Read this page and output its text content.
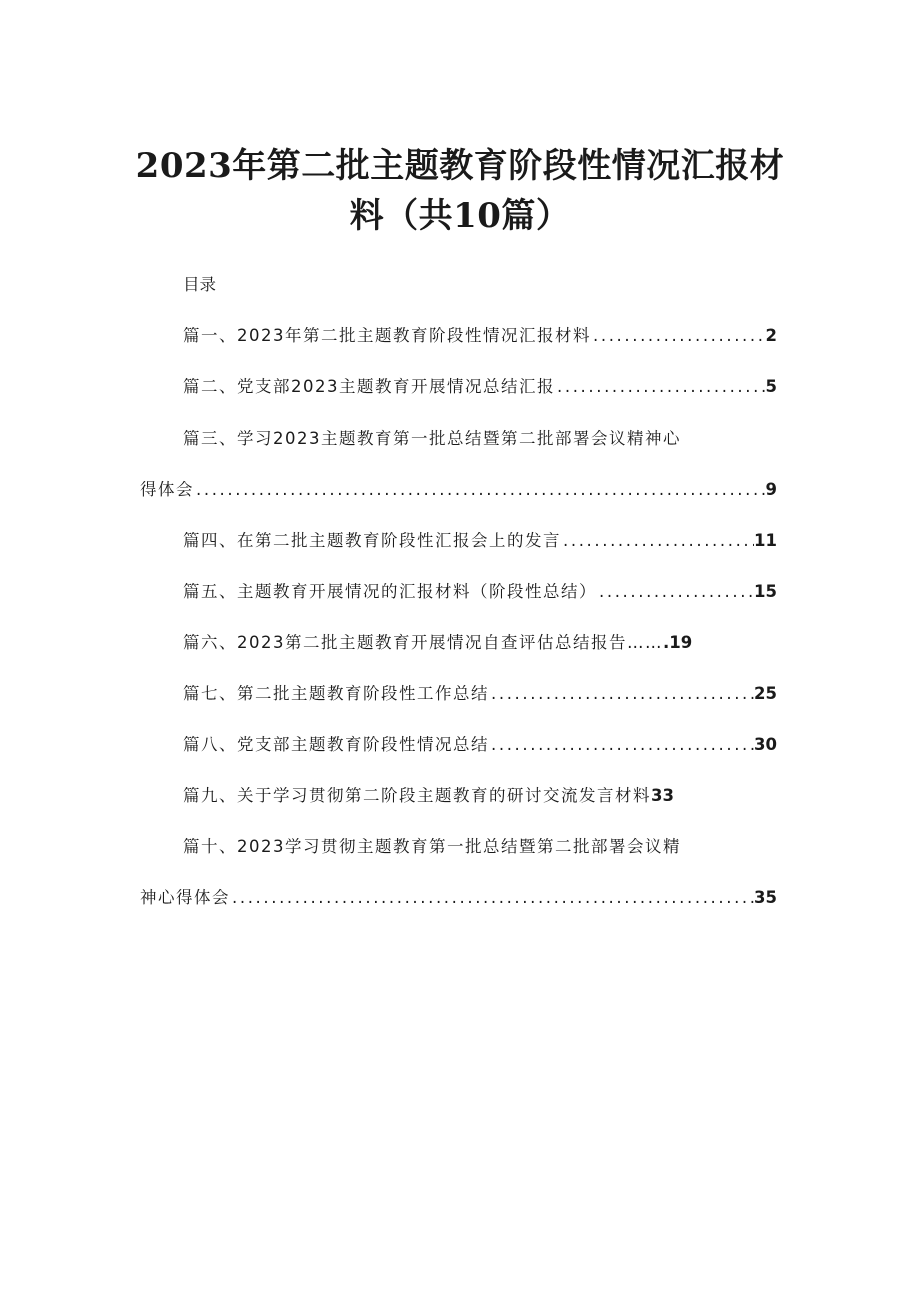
2023年第二批主题教育阶段性情况汇报材
料（共10篇）
目录
篇一、2023年第二批主题教育阶段性情况汇报材料 .....	2
篇二、党支部2023主题教育开展情况总结汇报 .....	5
篇三、学习2023主题教育第一批总结暨第二批部署会议精神心
得体会 .....	9
篇四、在第二批主题教育阶段性汇报会上的发言 .....	11
篇五、主题教育开展情况的汇报材料（阶段性总结） .....	15
篇六、2023第二批主题教育开展情况自查评估总结报告…… .19
篇七、第二批主题教育阶段性工作总结 .....	25
篇八、党支部主题教育阶段性情况总结 .....	30
篇九、关于学习贯彻第二阶段主题教育的研讨交流发言材料 33
篇十、2023学习贯彻主题教育第一批总结暨第二批部署会议精
神心得体会 .....	35
